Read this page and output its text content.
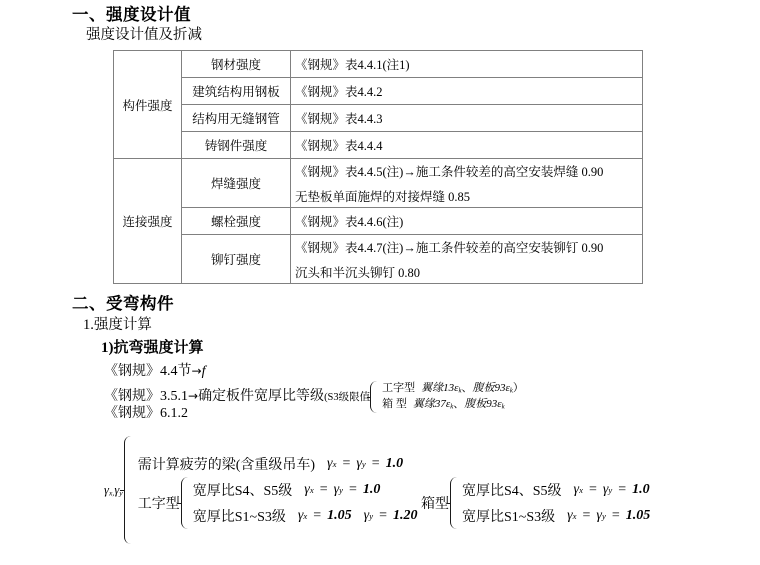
一、强度设计值
强度设计值及折减
构件强度	钢材强度	《钢规》表4.4.1(注1)
	建筑结构用钢板	《钢规》表4.4.2
	结构用无缝钢管	《钢规》表4.4.3
	铸钢件强度	《钢规》表4.4.4
连接强度	焊缝强度	《钢规》表4.4.5(注)→施工条件较差的高空安装焊缝 0.90
无垫板单面施焊的对接焊缝 0.85

	螺栓强度	《钢规》表4.4.6(注)
	铆钉强度	《钢规》表4.4.7(注)→施工条件较差的高空安装铆钉 0.90
沉头和半沉头铆钉 0.80
二、受弯构件
1.强度计算
1)抗弯强度计算
《钢规》4.4节→f
《钢规》3.5.1→确定板件宽厚比等级(S3级限值
工字型 翼缘$13\varepsilon_k$、腹板$93\varepsilon_k$）
箱 型 翼缘$37\varepsilon_k$、腹板$93\varepsilon_k$
《钢规》6.1.2
$\gamma_{x,}\gamma_y$
需计算疲劳的梁(含重级吊车) γ x = γ y = 1.0
工字型
宽厚比S4、S5级 γ x = γ y = 1.0
宽厚比S1~S3级 γ x = 1.05 γ y = 1.20

箱型
宽厚比S4、S5级 γ x = γ y = 1.0
宽厚比S1~S3级 γ x = γ y = 1.05
